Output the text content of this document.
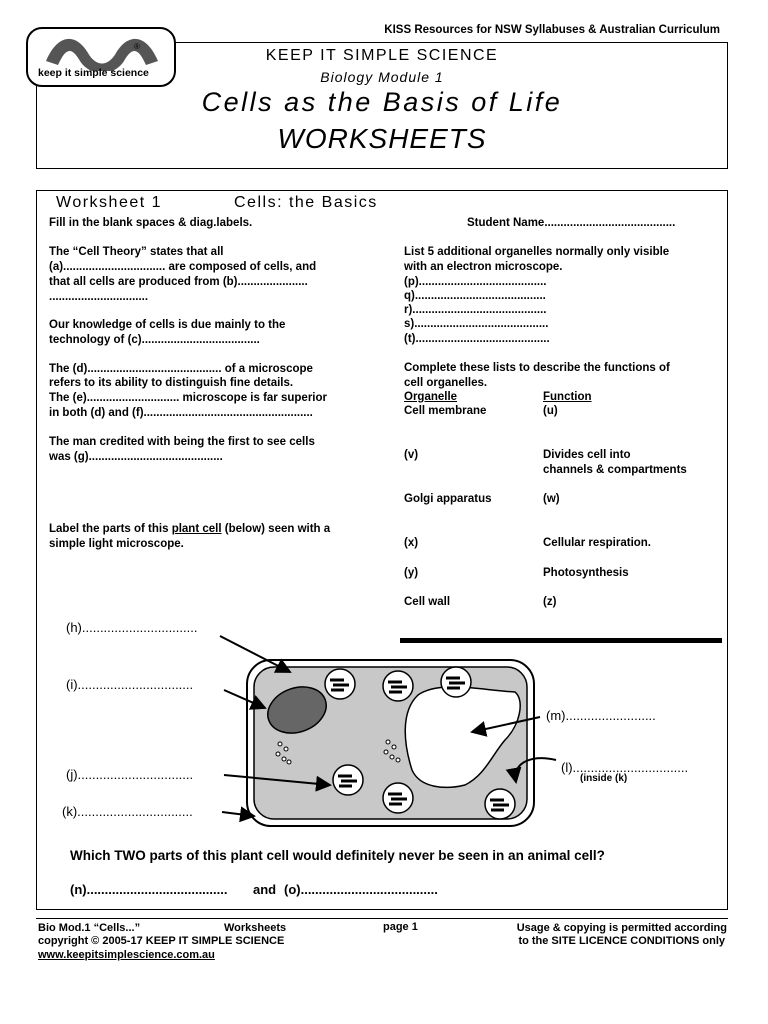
KISS Resources for NSW Syllabuses & Australian Curriculum
®
keep it simple science
KEEP IT SIMPLE SCIENCE
Biology Module 1
Cells as the Basis of Life
WORKSHEETS
Worksheet 1	Cells: the Basics
Fill in the blank spaces & diag.labels.	Student Name.........................................
The “Cell Theory” states that all
(a)................................ are composed of cells, and
that all cells are produced from (b)......................
...............................
Our knowledge of cells is due mainly to the
technology of (c).....................................
The (d).......................................... of a microscope
refers to its ability to distinguish fine details.
The (e)............................. microscope is far superior
in both (d) and (f).....................................................
The man credited with being the first to see cells
was (g)..........................................
Label the parts of this plant cell (below) seen with a
simple light microscope.
List 5 additional organelles normally only visible
with an electron microscope.
(p)........................................
q).........................................
r)..........................................
s)..........................................
(t)..........................................
Complete these lists to describe the functions of
cell organelles.
Organelle	Function
Cell membrane	(u)
(v)	Divides cell into
channels & compartments
Golgi apparatus	(w)
(x)	Cellular respiration.
(y)	Photosynthesis
Cell wall	(z)
(h)................................
(i)................................
(j)................................
(k)................................
(m).........................
(l)................................
(inside (k)
Which TWO parts of this plant cell would definitely never be seen in an animal cell?
(n)....................................... and (o)......................................
Bio Mod.1 “Cells...”	Worksheets	page 1	Usage & copying is permitted according
copyright © 2005-17 KEEP IT SIMPLE SCIENCE	to the SITE LICENCE CONDITIONS only
www.keepitsimplescience.com.au
